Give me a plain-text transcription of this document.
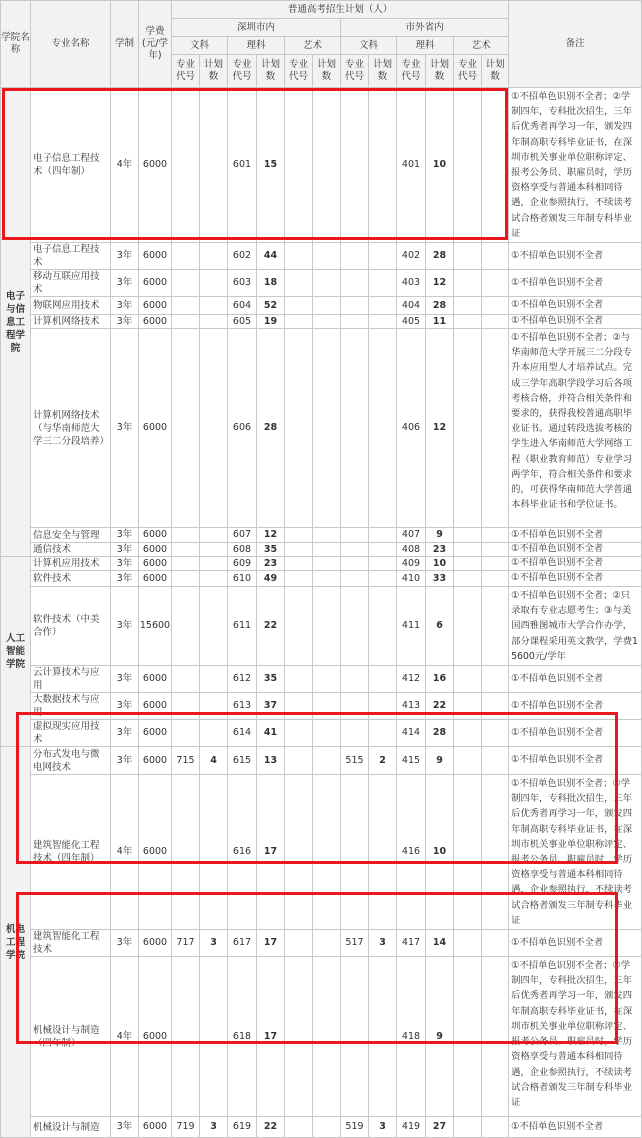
学院名称	专业名称	学制	学费(元/学年)	普通高考招生计划（人）												备注
				深圳市内						市外省内						
				文科		理科		艺术		文科		理科		艺术		
				专业代号	计划数	专业代号	计划数	专业代号	计划数	专业代号	计划数	专业代号	计划数	专业代号	计划数	
电子与信息工程学院	电子信息工程技术（四年制）	4年	6000			601	15					401	10			①不招单色识别不全者；②学制四年，专科批次招生，三年后优秀者再学习一年，颁发四年制高职专科毕业证书，在深圳市机关事业单位职称评定、报考公务员、职雇员时，学历资格享受与普通本科相同待遇，企业参照执行，不续读考试合格者颁发三年制专科毕业证
	电子信息工程技术	3年	6000			602	44					402	28			①不招单色识别不全者
	移动互联应用技术	3年	6000			603	18					403	12			①不招单色识别不全者
	物联网应用技术	3年	6000			604	52					404	28			①不招单色识别不全者
	计算机网络技术	3年	6000			605	19					405	11			①不招单色识别不全者
	计算机网络技术（与华南师范大学三二分段培养）	3年	6000			606	28					406	12			①不招单色识别不全者；②与华南师范大学开展三二分段专升本应用型人才培养试点。完成三学年高职学段学习后各项考核合格，并符合相关条件和要求的，获得我校普通高职毕业证书。通过转段选拔考核的学生进入华南师范大学网络工程（职业教育师范）专业学习两学年，符合相关条件和要求的，可获得华南师范大学普通本科毕业证书和学位证书。
	信息安全与管理	3年	6000			607	12					407	9			①不招单色识别不全者
	通信技术	3年	6000			608	35					408	23			①不招单色识别不全者
人工智能学院	计算机应用技术	3年	6000			609	23					409	10			①不招单色识别不全者
	软件技术	3年	6000			610	49					410	33			①不招单色识别不全者
	软件技术（中美合作）	3年	15600			611	22					411	6			①不招单色识别不全者；②只录取有专业志愿考生；③与美国西雅图城市大学合作办学，部分课程采用英文教学，学费15600元/学年
	云计算技术与应用	3年	6000			612	35					412	16			①不招单色识别不全者
	大数据技术与应用	3年	6000			613	37					413	22			①不招单色识别不全者
	虚拟现实应用技术	3年	6000			614	41					414	28			①不招单色识别不全者
机电工程学院	分布式发电与微电网技术	3年	6000	715	4	615	13			515	2	415	9			①不招单色识别不全者
	建筑智能化工程技术（四年制）	4年	6000			616	17					416	10			①不招单色识别不全者；②学制四年，专科批次招生，三年后优秀者再学习一年，颁发四年制高职专科毕业证书，在深圳市机关事业单位职称评定、报考公务员、职雇员时，学历资格享受与普通本科相同待遇，企业参照执行，不续读考试合格者颁发三年制专科毕业证
	建筑智能化工程技术	3年	6000	717	3	617	17			517	3	417	14			①不招单色识别不全者
	机械设计与制造（四年制）	4年	6000			618	17					418	9			①不招单色识别不全者；②学制四年，专科批次招生，三年后优秀者再学习一年，颁发四年制高职专科毕业证书，在深圳市机关事业单位职称评定、报考公务员、职雇员时，学历资格享受与普通本科相同待遇，企业参照执行，不续读考试合格者颁发三年制专科毕业证
	机械设计与制造	3年	6000	719	3	619	22			519	3	419	27			①不招单色识别不全者
